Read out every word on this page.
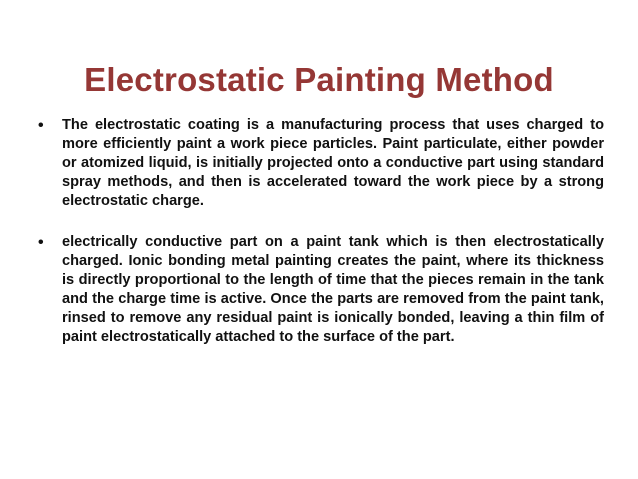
Electrostatic Painting Method
• The electrostatic coating is a manufacturing process that uses charged to more efficiently paint a work piece particles. Paint particulate, either powder or atomized liquid, is initially projected onto a conductive part using standard spray methods, and then is accelerated toward the work piece by a strong electrostatic charge.
• electrically conductive part on a paint tank which is then electrostatically charged. Ionic bonding metal painting creates the paint, where its thickness is directly proportional to the length of time that the pieces remain in the tank and the charge time is active. Once the parts are removed from the paint tank, rinsed to remove any residual paint is ionically bonded, leaving a thin film of paint electrostatically attached to the surface of the part.
